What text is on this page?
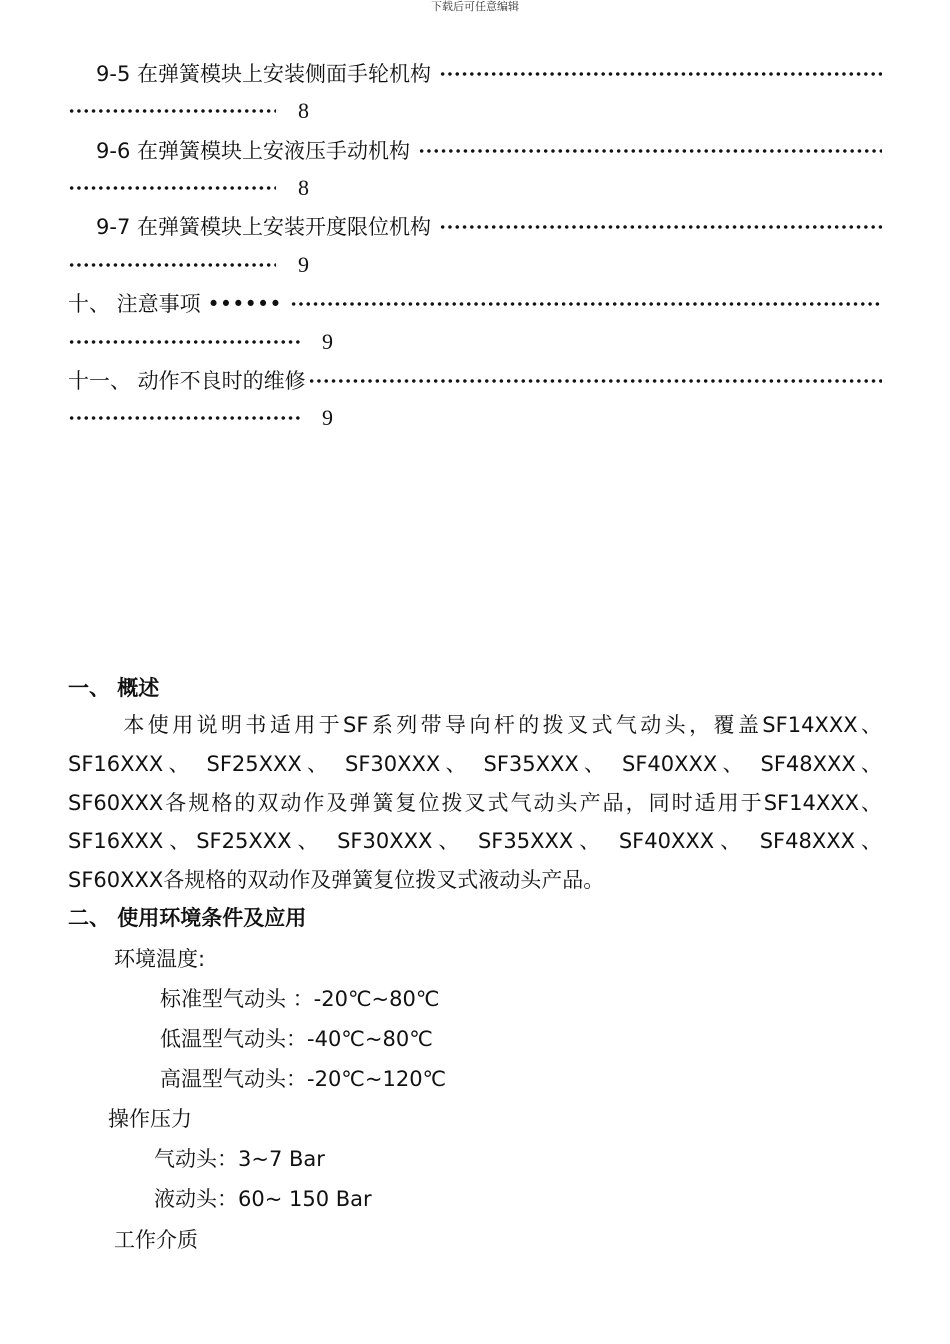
下载后可任意编辑
9-5 在弹簧模块上安装侧面手轮机构
8
9-6 在弹簧模块上安液压手动机构
8
9-7 在弹簧模块上安装开度限位机构
9
十、 注意事项 ••••••
9
十一、 动作不良时的维修
9
一、 概述
本使用说明书适用于SF系列带导向杆的拨叉式气动头，覆盖SF14XXX、SF16XXX、 SF25XXX、 SF30XXX、 SF35XXX、 SF40XXX、 SF48XXX、 SF60XXX各规格的双动作及弹簧复位拨叉式气动头产品，同时适用于SF14XXX、 SF16XXX、SF25XXX、 SF30XXX、 SF35XXX、 SF40XXX、 SF48XXX、 SF60XXX各规格的双动作及弹簧复位拨叉式液动头产品。
二、 使用环境条件及应用
环境温度:
标准型气动头 ：-20℃~80℃
低温型气动头：-40℃~80℃
高温型气动头：-20℃~120℃
操作压力
气动头：3~7 Bar
液动头：60~ 150 Bar
工作介质
